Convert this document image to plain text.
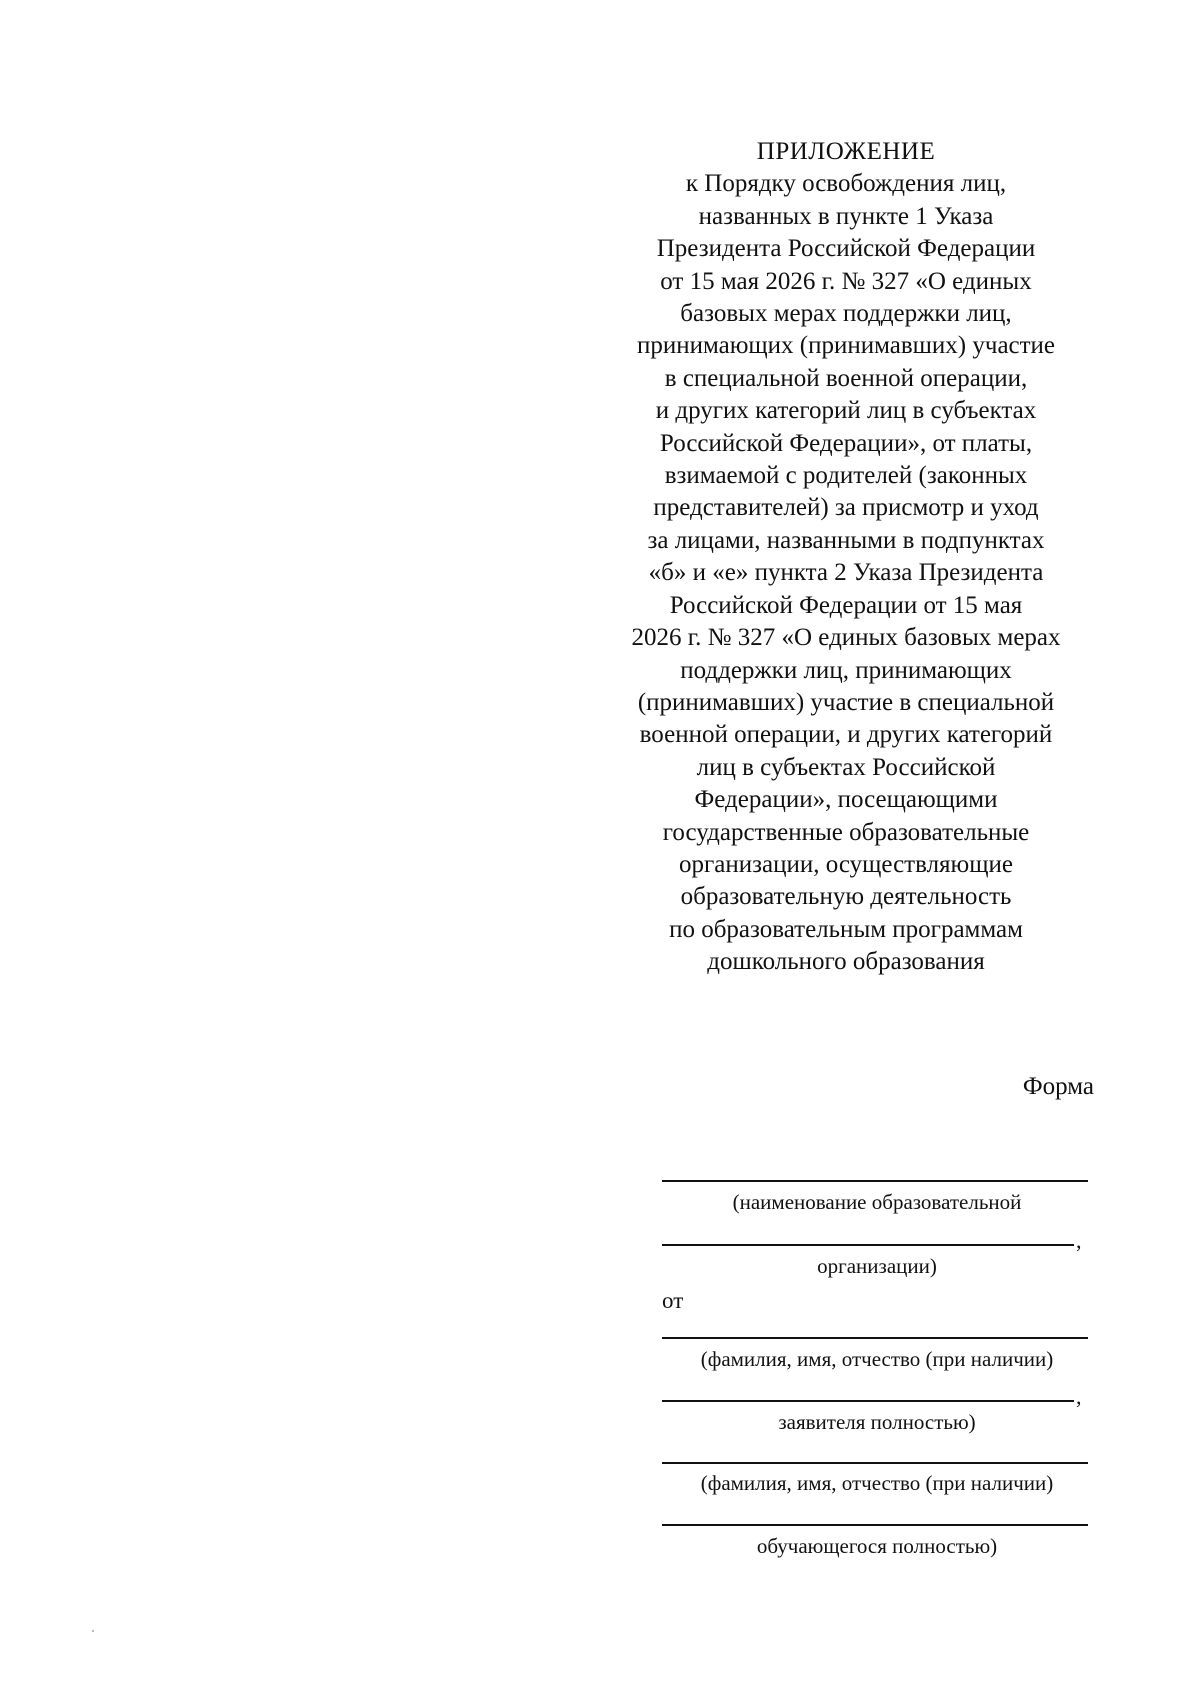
ПРИЛОЖЕНИЕ
к Порядку освобождения лиц,
названных в пункте 1 Указа
Президента Российской Федерации
от 15 мая 2026 г. № 327 «О единых
базовых мерах поддержки лиц,
принимающих (принимавших) участие
в специальной военной операции,
и других категорий лиц в субъектах
Российской Федерации», от платы,
взимаемой с родителей (законных
представителей) за присмотр и уход
за лицами, названными в подпунктах
«б» и «е» пункта 2 Указа Президента
Российской Федерации от 15 мая
2026 г. № 327 «О единых базовых мерах
поддержки лиц, принимающих
(принимавших) участие в специальной
военной операции, и других категорий
лиц в субъектах Российской
Федерации», посещающими
государственные образовательные
организации, осуществляющие
образовательную деятельность
по образовательным программам
дошкольного образования
Форма
(наименование образовательной
,
организации)
от
(фамилия, имя, отчество (при наличии)
,
заявителя полностью)
(фамилия, имя, отчество (при наличии)
обучающегося полностью)
